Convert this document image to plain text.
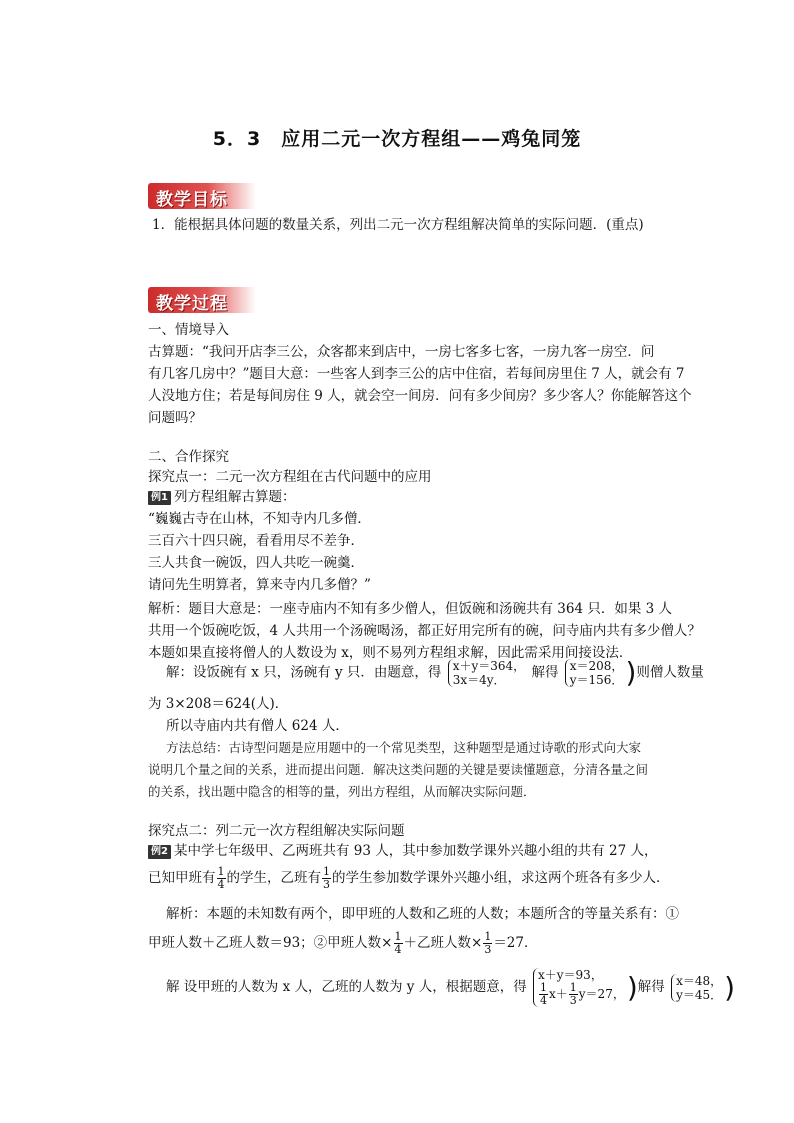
5．3　应用二元一次方程组——鸡兔同笼
教学目标
1．能根据具体问题的数量关系，列出二元一次方程组解决简单的实际问题．(重点)
教学过程
一、情境导入
古算题：“我问开店李三公，众客都来到店中，一房七客多七客，一房九客一房空．问
有几客几房中？”题目大意：一些客人到李三公的店中住宿，若每间房里住 7 人，就会有 7
人没地方住；若是每间房住 9 人，就会空一间房．问有多少间房？多少客人？你能解答这个
问题吗？
二、合作探究
探究点一：二元一次方程组在古代问题中的应用
例1 列方程组解古算题：
“巍巍古寺在山林，不知寺内几多僧．
三百六十四只碗，看看用尽不差争．
三人共食一碗饭，四人共吃一碗羹．
请问先生明算者，算来寺内几多僧？”
解析：题目大意是：一座寺庙内不知有多少僧人，但饭碗和汤碗共有 364 只．如果 3 人
共用一个饭碗吃饭，4 人共用一个汤碗喝汤，都正好用完所有的碗，问寺庙内共有多少僧人？
本题如果直接将僧人的人数设为 x，则不易列方程组求解，因此需采用间接设法．
解：设饭碗有 x 只，汤碗有 y 只．由题意，得 x＋y＝364，
3x＝4y．	解得 x＝208，
y＝156． )则僧人数量
为 3×208＝624(人)．
所以寺庙内共有僧人 624 人．
方法总结：古诗型问题是应用题中的一个常见类型，这种题型是通过诗歌的形式向大家
说明几个量之间的关系，进而提出问题．解决这类问题的关键是要读懂题意，分清各量之间
的关系，找出题中隐含的相等的量，列出方程组，从而解决实际问题．
探究点二：列二元一次方程组解决实际问题
例2 某中学七年级甲、乙两班共有 93 人，其中参加数学课外兴趣小组的共有 27 人，
已知甲班有 $\frac{1}{4}$ 的学生，乙班有 $\frac{1}{3}$ 的学生参加数学课外兴趣小组，求这两个班各有多少人．
解析：本题的未知数有两个，即甲班的人数和乙班的人数；本题所含的等量关系有：①
甲班人数＋乙班人数＝93；②甲班人数× $\frac{1}{4}$ ＋乙班人数× $\frac{1}{3} =27$．
解 设甲班的人数为 x 人，乙班的人数为 y 人，根据题意，得
x＋y＝93，
$\frac{1}{4} x+ \frac{1}{3} y=27$， )解得 x＝48，
y＝45． )
